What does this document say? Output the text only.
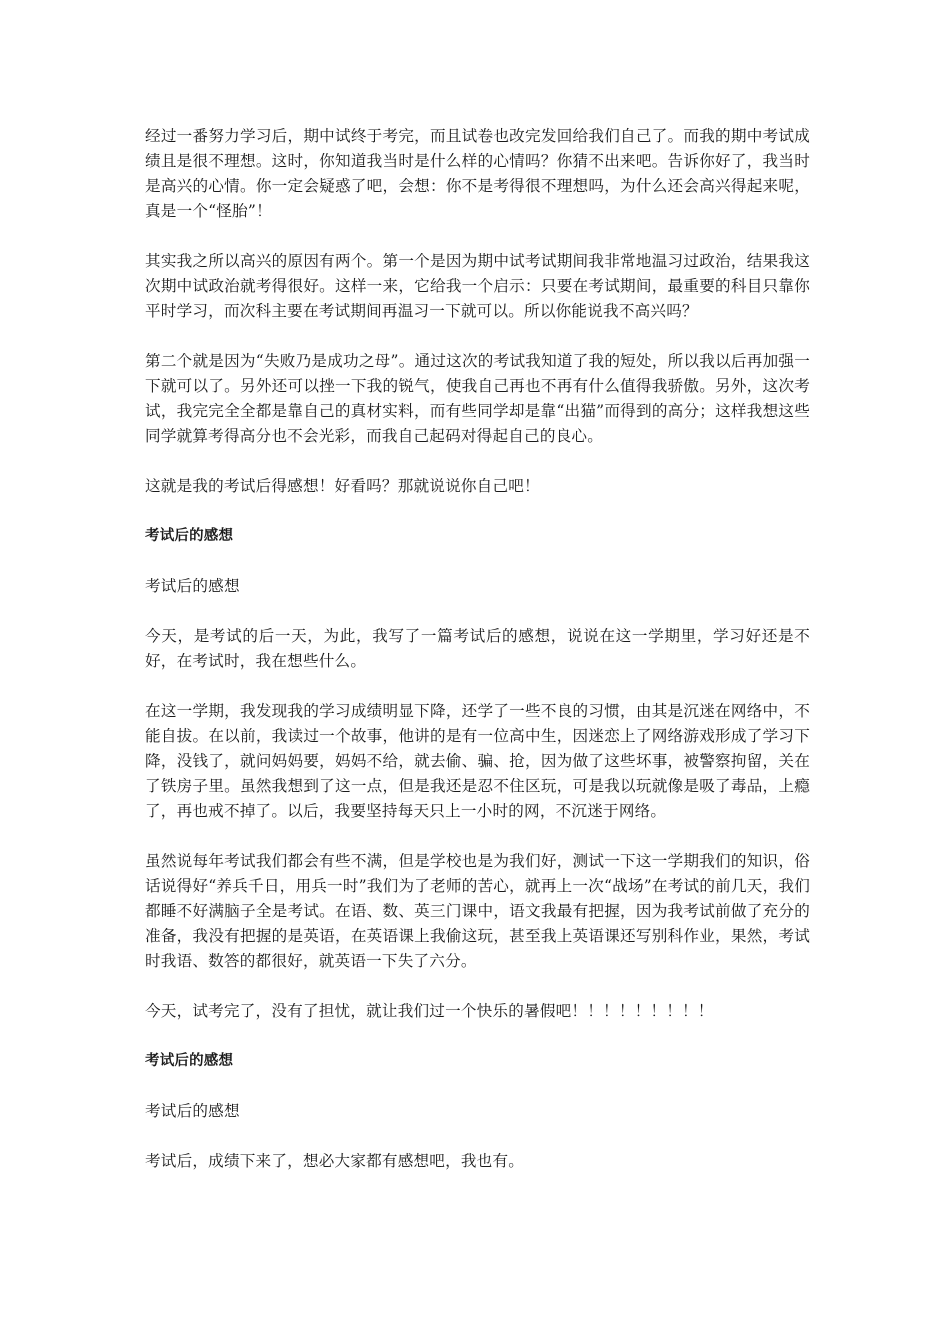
经过一番努力学习后，期中试终于考完，而且试卷也改完发回给我们自己了。而我的期中考试成绩且是很不理想。这时，你知道我当时是什么样的心情吗？你猜不出来吧。告诉你好了，我当时是高兴的心情。你一定会疑惑了吧，会想：你不是考得很不理想吗，为什么还会高兴得起来呢，真是一个“怪胎”！

其实我之所以高兴的原因有两个。第一个是因为期中试考试期间我非常地温习过政治，结果我这次期中试政治就考得很好。这样一来，它给我一个启示：只要在考试期间，最重要的科目只靠你平时学习，而次科主要在考试期间再温习一下就可以。所以你能说我不高兴吗？

第二个就是因为“失败乃是成功之母”。通过这次的考试我知道了我的短处，所以我以后再加强一下就可以了。另外还可以挫一下我的锐气，使我自己再也不再有什么值得我骄傲。另外，这次考试，我完完全全都是靠自己的真材实料，而有些同学却是靠“出猫”而得到的高分；这样我想这些同学就算考得高分也不会光彩，而我自己起码对得起自己的良心。

这就是我的考试后得感想！好看吗？那就说说你自己吧！

考试后的感想

考试后的感想

今天，是考试的后一天，为此，我写了一篇考试后的感想，说说在这一学期里，学习好还是不好，在考试时，我在想些什么。

在这一学期，我发现我的学习成绩明显下降，还学了一些不良的习惯，由其是沉迷在网络中，不能自拔。在以前，我读过一个故事，他讲的是有一位高中生，因迷恋上了网络游戏形成了学习下降，没钱了，就问妈妈要，妈妈不给，就去偷、骗、抢，因为做了这些坏事，被警察拘留，关在了铁房子里。虽然我想到了这一点，但是我还是忍不住区玩，可是我以玩就像是吸了毒品，上瘾了，再也戒不掉了。以后，我要坚持每天只上一小时的网，不沉迷于网络。

虽然说每年考试我们都会有些不满，但是学校也是为我们好，测试一下这一学期我们的知识，俗话说得好“养兵千日，用兵一时”我们为了老师的苦心，就再上一次“战场”在考试的前几天，我们都睡不好满脑子全是考试。在语、数、英三门课中，语文我最有把握，因为我考试前做了充分的准备，我没有把握的是英语，在英语课上我偷这玩，甚至我上英语课还写别科作业，果然，考试时我语、数答的都很好，就英语一下失了六分。

今天，试考完了，没有了担忧，就让我们过一个快乐的暑假吧！！！！！！！！！

考试后的感想

考试后的感想

考试后，成绩下来了，想必大家都有感想吧，我也有。
